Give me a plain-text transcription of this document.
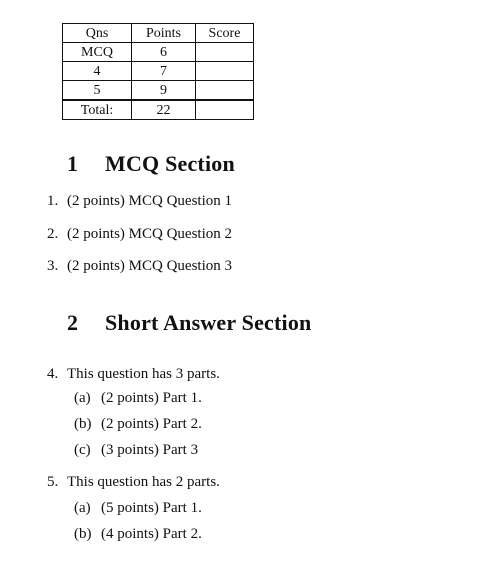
Qns	Points	Score
MCQ	6	
4	7	
5	9	
Total:	22	
1 MCQ Section
1. (2 points) MCQ Question 1
2. (2 points) MCQ Question 2
3. (2 points) MCQ Question 3
2 Short Answer Section
4. This question has 3 parts.
(a) (2 points) Part 1.
(b) (2 points) Part 2.
(c) (3 points) Part 3
5. This question has 2 parts.
(a) (5 points) Part 1.
(b) (4 points) Part 2.
